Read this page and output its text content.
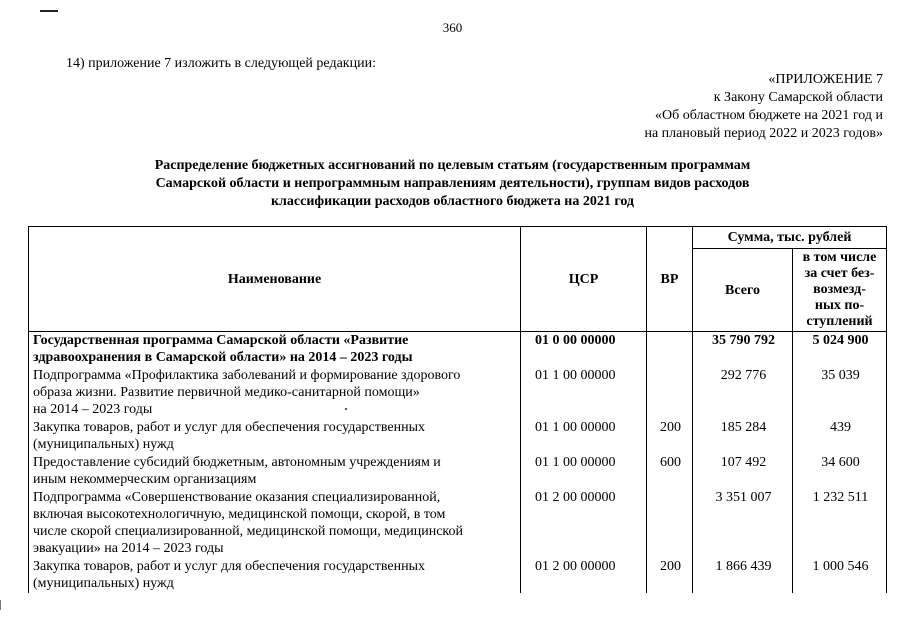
360
14) приложение 7 изложить в следующей редакции:
«ПРИЛОЖЕНИЕ 7
к Закону Самарской области
«Об областном бюджете на 2021 год и
на плановый период 2022 и 2023 годов»
Распределение бюджетных ассигнований по целевым статьям (государственным программам
Самарской области и непрограммным направлениям деятельности), группам видов расходов
классификации расходов областного бюджета на 2021 год
Наименование	ЦСР	ВР	Сумма, тыс. рублей	
			Всего	в том числе
за счет без-
возмезд-
ных по-
ступлений

Государственная программа Самарской области «Развитие
здравоохранения в Самарской области» на 2014 – 2023 годы	01 0 00 00000		35 790 792	5 024 900

Подпрограмма «Профилактика заболеваний и формирование здорового
образа жизни. Развитие первичной медико-санитарной помощи»
на 2014 – 2023 годы	01 1 00 00000		292 776	35 039

Закупка товаров, работ и услуг для обеспечения государственных
(муниципальных) нужд	01 1 00 00000	200	185 284	439

Предоставление субсидий бюджетным, автономным учреждениям и
иным некоммерческим организациям	01 1 00 00000	600	107 492	34 600

Подпрограмма «Совершенствование оказания специализированной,
включая высокотехнологичную, медицинской помощи, скорой, в том
числе скорой специализированной, медицинской помощи, медицинской
эвакуации» на 2014 – 2023 годы	01 2 00 00000		3 351 007	1 232 511

Закупка товаров, работ и услуг для обеспечения государственных
(муниципальных) нужд	01 2 00 00000	200	1 866 439	1 000 546
